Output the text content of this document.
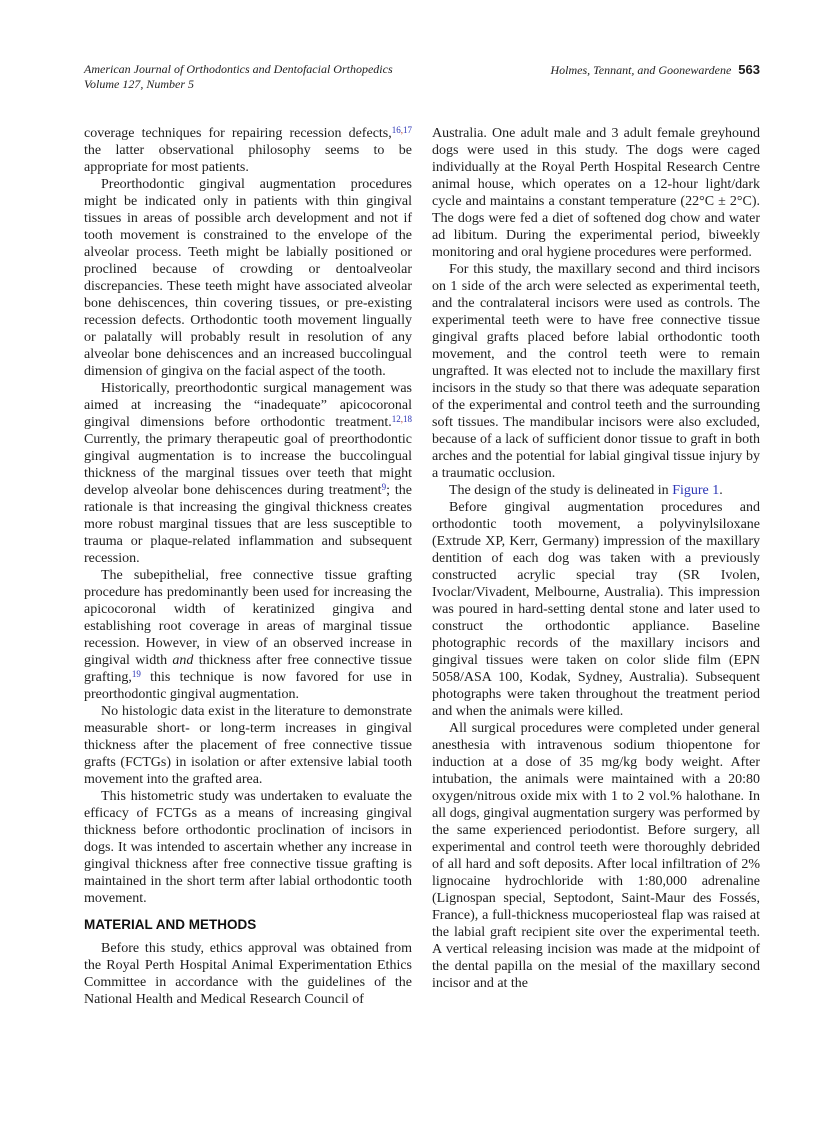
American Journal of Orthodontics and Dentofacial Orthopedics
Volume 127, Number 5
Holmes, Tennant, and Goonewardene 563

coverage techniques for repairing recession defects,$^{16,17}$ the latter observational philosophy seems to be appropriate for most patients.

Preorthodontic gingival augmentation procedures might be indicated only in patients with thin gingival tissues in areas of possible arch development and not if tooth movement is constrained to the envelope of the alveolar process. Teeth might be labially positioned or proclined because of crowding or dentoalveolar discrepancies. These teeth might have associated alveolar bone dehiscences, thin covering tissues, or pre-existing recession defects. Orthodontic tooth movement lingually or palatally will probably result in resolution of any alveolar bone dehiscences and an increased buccolingual dimension of gingiva on the facial aspect of the tooth.

Historically, preorthodontic surgical management was aimed at increasing the “inadequate” apicocoronal gingival dimensions before orthodontic treatment.$^{12,18}$ Currently, the primary therapeutic goal of preorthodontic gingival augmentation is to increase the buccolingual thickness of the marginal tissues over teeth that might develop alveolar bone dehiscences during treatment$^9$; the rationale is that increasing the gingival thickness creates more robust marginal tissues that are less susceptible to trauma or plaque-related inflammation and subsequent recession.

The subepithelial, free connective tissue grafting procedure has predominantly been used for increasing the apicocoronal width of keratinized gingiva and establishing root coverage in areas of marginal tissue recession. However, in view of an observed increase in gingival width and thickness after free connective tissue grafting,$^{19}$ this technique is now favored for use in preorthodontic gingival augmentation.

No histologic data exist in the literature to demonstrate measurable short- or long-term increases in gingival thickness after the placement of free connective tissue grafts (FCTGs) in isolation or after extensive labial tooth movement into the grafted area.

This histometric study was undertaken to evaluate the efficacy of FCTGs as a means of increasing gingival thickness before orthodontic proclination of incisors in dogs. It was intended to ascertain whether any increase in gingival thickness after free connective tissue grafting is maintained in the short term after labial orthodontic tooth movement.

MATERIAL AND METHODS

Before this study, ethics approval was obtained from the Royal Perth Hospital Animal Experimentation Ethics Committee in accordance with the guidelines of the National Health and Medical Research Council of

Australia. One adult male and 3 adult female greyhound dogs were used in this study. The dogs were caged individually at the Royal Perth Hospital Research Centre animal house, which operates on a 12-hour light/dark cycle and maintains a constant temperature (22°C ± 2°C). The dogs were fed a diet of softened dog chow and water ad libitum. During the experimental period, biweekly monitoring and oral hygiene procedures were performed.

For this study, the maxillary second and third incisors on 1 side of the arch were selected as experimental teeth, and the contralateral incisors were used as controls. The experimental teeth were to have free connective tissue gingival grafts placed before labial orthodontic tooth movement, and the control teeth were to remain ungrafted. It was elected not to include the maxillary first incisors in the study so that there was adequate separation of the experimental and control teeth and the surrounding soft tissues. The mandibular incisors were also excluded, because of a lack of sufficient donor tissue to graft in both arches and the potential for labial gingival tissue injury by a traumatic occlusion.

The design of the study is delineated in Figure 1.

Before gingival augmentation procedures and orthodontic tooth movement, a polyvinylsiloxane (Extrude XP, Kerr, Germany) impression of the maxillary dentition of each dog was taken with a previously constructed acrylic special tray (SR Ivolen, Ivoclar/Vivadent, Melbourne, Australia). This impression was poured in hard-setting dental stone and later used to construct the orthodontic appliance. Baseline photographic records of the maxillary incisors and gingival tissues were taken on color slide film (EPN 5058/ASA 100, Kodak, Sydney, Australia). Subsequent photographs were taken throughout the treatment period and when the animals were killed.

All surgical procedures were completed under general anesthesia with intravenous sodium thiopentone for induction at a dose of 35 mg/kg body weight. After intubation, the animals were maintained with a 20:80 oxygen/nitrous oxide mix with 1 to 2 vol.% halothane. In all dogs, gingival augmentation surgery was performed by the same experienced periodontist. Before surgery, all experimental and control teeth were thoroughly debrided of all hard and soft deposits. After local infiltration of 2% lignocaine hydrochloride with 1:80,000 adrenaline (Lignospan special, Septodont, Saint-Maur des Fossés, France), a full-thickness mucoperiosteal flap was raised at the labial graft recipient site over the experimental teeth. A vertical releasing incision was made at the midpoint of the dental papilla on the mesial of the maxillary second incisor and at the
